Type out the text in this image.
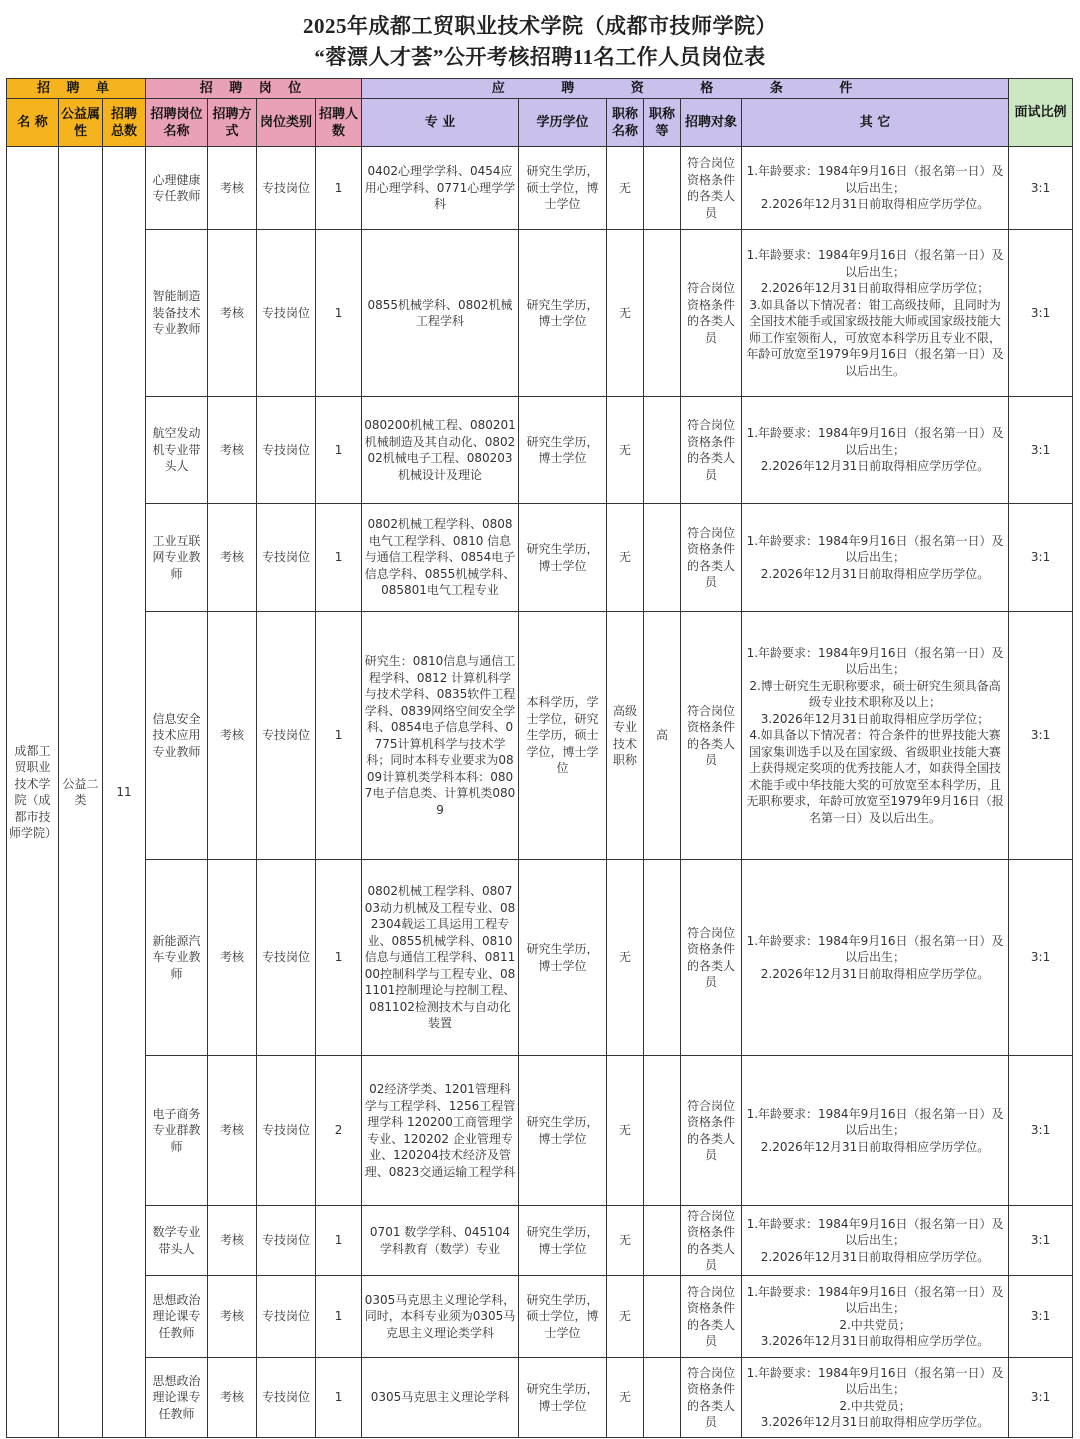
2025年成都工贸职业技术学院（成都市技师学院）
“蓉漂人才荟”公开考核招聘11名工作人员岗位表
招 聘 单			招 聘 岗 位				应 聘 资 格 条 件						面试比例
名 称	公益属性	招聘总数	招聘岗位名称	招聘方式	岗位类别	招聘人数	专 业	学历学位	职称名称	职称等	招聘对象	其 它	
成都工贸职业技术学院（成都市技师学院）	公益二类	11	心理健康专任教师	考核	专技岗位	1	0402心理学学科、0454应用心理学科、0771心理学学科	研究生学历，硕士学位，博士学位	无		符合岗位资格条件的各类人员	1.年龄要求：1984年9月16日（报名第一日）及以后出生；
2.2026年12月31日前取得相应学历学位。	3:1
			智能制造装备技术专业教师	考核	专技岗位	1	0855机械学科、0802机械工程学科	研究生学历，博士学位	无		符合岗位资格条件的各类人员	1.年龄要求：1984年9月16日（报名第一日）及以后出生；
2.2026年12月31日前取得相应学历学位；
3.如具备以下情况者：钳工高级技师，且同时为全国技术能手或国家级技能大师或国家级技能大师工作室领衔人，可放宽本科学历且专业不限，年龄可放宽至1979年9月16日（报名第一日）及以后出生。	3:1
			航空发动机专业带头人	考核	专技岗位	1	080200机械工程、080201机械制造及其自动化、080202机械电子工程、080203机械设计及理论	研究生学历，博士学位	无		符合岗位资格条件的各类人员	1.年龄要求：1984年9月16日（报名第一日）及以后出生；
2.2026年12月31日前取得相应学历学位。	3:1
			工业互联网专业教师	考核	专技岗位	1	0802机械工程学科、0808 电气工程学科、0810 信息与通信工程学科、0854电子信息学科、0855机械学科、085801电气工程专业	研究生学历，博士学位	无		符合岗位资格条件的各类人员	1.年龄要求：1984年9月16日（报名第一日）及以后出生；
2.2026年12月31日前取得相应学历学位。	3:1
			信息安全技术应用专业教师	考核	专技岗位	1	研究生：0810信息与通信工程学科、0812 计算机科学与技术学科、0835软件工程学科、0839网络空间安全学科、0854电子信息学科、0775计算机科学与技术学科；同时本科专业要求为0809计算机类学科本科：0807电子信息类、计算机类0809	本科学历，学士学位，研究生学历，硕士学位，博士学位	高级专业技术职称	高	符合岗位资格条件的各类人员	1.年龄要求：1984年9月16日（报名第一日）及以后出生；
2.博士研究生无职称要求，硕士研究生须具备高级专业技术职称及以上；
3.2026年12月31日前取得相应学历学位；
4.如具备以下情况者：符合条件的世界技能大赛国家集训选手以及在国家级、省级职业技能大赛上获得规定奖项的优秀技能人才，如获得全国技术能手或中华技能大奖的可放宽至本科学历，且无职称要求，年龄可放宽至1979年9月16日（报名第一日）及以后出生。	3:1
			新能源汽车专业教师	考核	专技岗位	1	0802机械工程学科、080703动力机械及工程专业、082304载运工具运用工程专业、0855机械学科、0810信息与通信工程学科、081100控制科学与工程专业、081101控制理论与控制工程、081102检测技术与自动化装置	研究生学历，博士学位	无		符合岗位资格条件的各类人员	1.年龄要求：1984年9月16日（报名第一日）及以后出生；
2.2026年12月31日前取得相应学历学位。	3:1
			电子商务专业群教师	考核	专技岗位	2	02经济学类、1201管理科学与工程学科、1256工程管理学科 120200工商管理学专业、120202 企业管理专业、120204技术经济及管理、0823交通运输工程学科	研究生学历，博士学位	无		符合岗位资格条件的各类人员	1.年龄要求：1984年9月16日（报名第一日）及以后出生；
2.2026年12月31日前取得相应学历学位。	3:1
			数学专业带头人	考核	专技岗位	1	0701 数学学科、045104学科教育（数学）专业	研究生学历，博士学位	无		符合岗位资格条件的各类人员	1.年龄要求：1984年9月16日（报名第一日）及以后出生；
2.2026年12月31日前取得相应学历学位。	3:1
			思想政治理论课专任教师	考核	专技岗位	1	0305马克思主义理论学科，同时，本科专业须为0305马克思主义理论类学科	研究生学历，硕士学位，博士学位	无		符合岗位资格条件的各类人员	1.年龄要求：1984年9月16日（报名第一日）及以后出生；
2.中共党员；
3.2026年12月31日前取得相应学历学位。	3:1
			思想政治理论课专任教师	考核	专技岗位	1	0305马克思主义理论学科	研究生学历，博士学位	无		符合岗位资格条件的各类人员	1.年龄要求：1984年9月16日（报名第一日）及以后出生；
2.中共党员；
3.2026年12月31日前取得相应学历学位。	3:1
